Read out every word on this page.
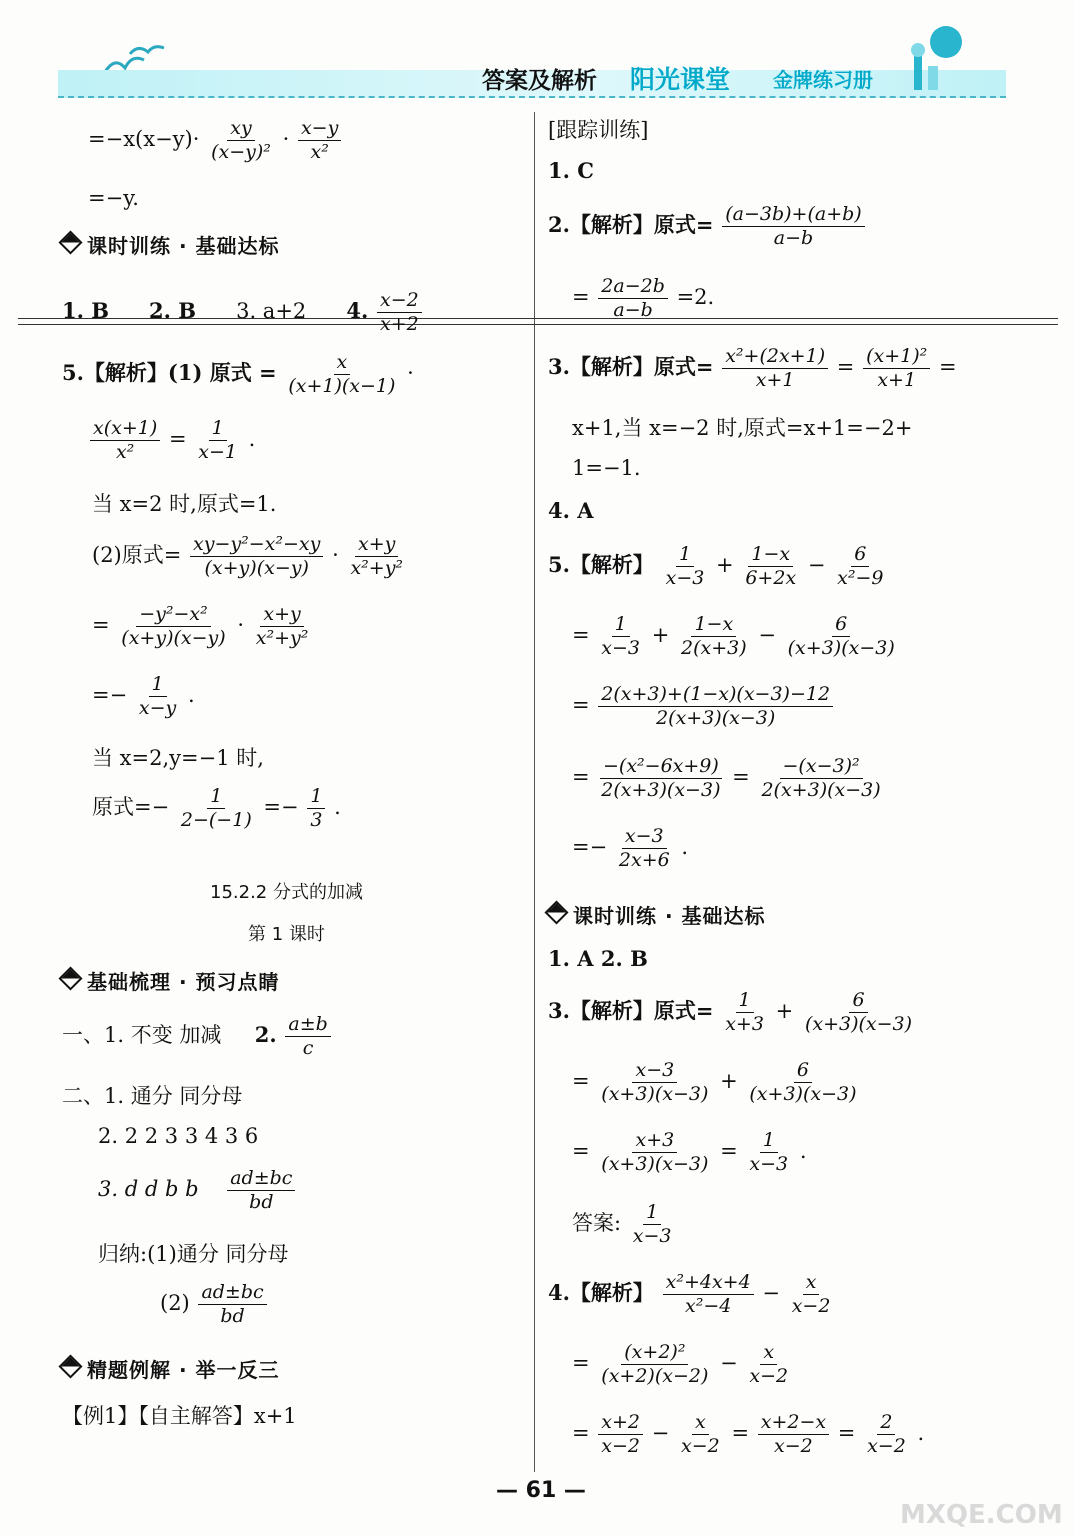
答案及解析 阳光课堂 金牌练习册
$=-x(x-y)\cdot \frac{xy}{\text{(x−y)²}} \cdot \frac{x-y}{\text{x²}}$
=−y.
课时训练 · 基础达标
1. B 2. B 3. a+2 4. $\frac{x-2}{x+2}$
5.【解析】(1) 原式 = $\frac{x}{(x+1)(x-1)}$ ·
$\frac{x(x+1)}{\text{x²}} = \frac{1}{x-1}$ .
当 x=2 时,原式=1.
(2)原式= $\frac{\text{xy−y²−x²−xy}}{(x+y)(x-y)} \cdot \frac{x+y}{\text{x²+y²}}$
= $\frac{\text{−y²−x²}}{(x+y)(x-y)} \cdot \frac{x+y}{\text{x²+y²}}$
=− $\frac{1}{x-y}$ .
当 x=2,y=−1 时,
原式=− $\frac{1}{2-(-1)} =- \frac{1}{3}$ .
15.2.2 分式的加减
第 1 课时
基础梳理 · 预习点睛
一、1. 不变 加减 2. $\frac{a\pm b}{c}$
二、1. 通分 同分母
2. 2 2 3 3 4 3 6
3. d d b b $\frac{ad\pm bc}{bd}$
归纳:(1)通分 同分母
$(2) \frac{ad\pm bc}{bd}$
精题例解 · 举一反三
【例1】【自主解答】x+1
[跟踪训练]
1. C
2.【解析】原式= $\frac{(a-3b)+(a+b)}{a-b}$
= $\frac{2a-2b}{a-b} =2$.
3.【解析】原式= $\frac{\text{x²+(2x+1)}}{x+1} = \frac{\text{(x+1)²}}{x+1}$ =
x+1,当 x=−2 时,原式=x+1=−2+
1=−1.
4. A
5.【解析】 $\frac{1}{x-3} + \frac{1-x}{6+2x} - \frac{6}{\text{x²−9}}$
= $\frac{1}{x-3} + \frac{1-x}{2(x+3)} - \frac{6}{(x+3)(x-3)}$
= $\frac{2(x+3)+(1-x)(x-3)-12}{2(x+3)(x-3)}$
= $\frac{\text{−(x²−6x+9)}}{2(x+3)(x-3)} = \frac{\text{−(x−3)²}}{2(x+3)(x-3)}$
=− $\frac{x-3}{2x+6}$ .
课时训练 · 基础达标
1. A 2. B
3.【解析】原式= $\frac{1}{x+3} + \frac{6}{(x+3)(x-3)}$
= $\frac{x-3}{(x+3)(x-3)} + \frac{6}{(x+3)(x-3)}$
= $\frac{x+3}{(x+3)(x-3)} = \frac{1}{x-3}$ .
答案: $\frac{1}{x-3}$
4.【解析】 $\frac{\text{x²+4x+4}}{\text{x²−4}} - \frac{x}{x-2}$
= $\frac{\text{(x+2)²}}{(x+2)(x-2)} - \frac{x}{x-2}$
= $\frac{x+2}{x-2} - \frac{x}{x-2} = \frac{x+2-x}{x-2} = \frac{2}{x-2}$ .
— 61 —
MXQE.COM
